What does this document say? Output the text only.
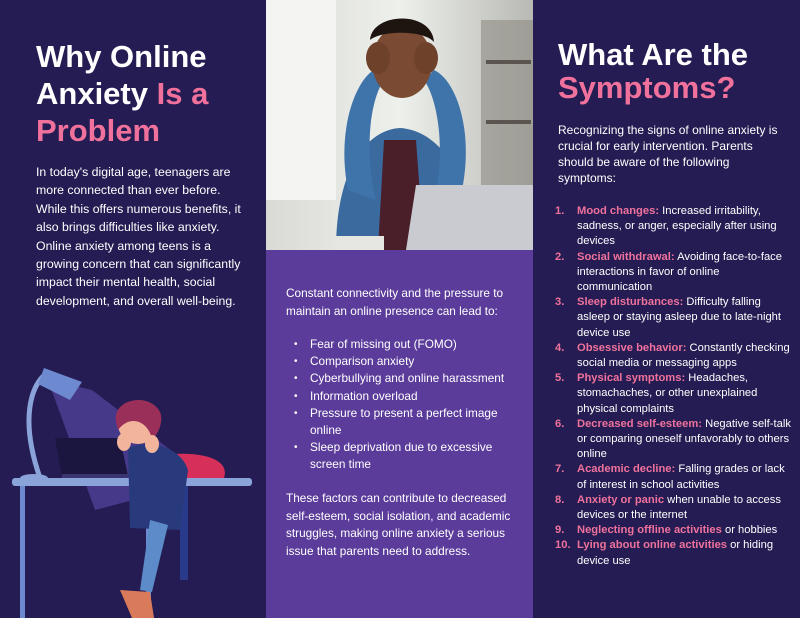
Why Online
Anxiety Is a
Problem

In today's digital age, teenagers are more connected than ever before. While this offers numerous benefits, it also brings difficulties like anxiety. Online anxiety among teens is a growing concern that can significantly impact their mental health, social development, and overall well-being.

Constant connectivity and the pressure to maintain an online presence can lead to:

• Fear of missing out (FOMO)
• Comparison anxiety
• Cyberbullying and online harassment
• Information overload
• Pressure to present a perfect image online
• Sleep deprivation due to excessive screen time

These factors can contribute to decreased self-esteem, social isolation, and academic struggles, making online anxiety a serious issue that parents need to address.

What Are the
Symptoms?

Recognizing the signs of online anxiety is crucial for early intervention. Parents should be aware of the following symptoms:

1.	Mood changes: Increased irritability, sadness, or anger, especially after using devices
2.	Social withdrawal: Avoiding face-to-face interactions in favor of online communication
3.	Sleep disturbances: Difficulty falling asleep or staying asleep due to late-night device use
4.	Obsessive behavior: Constantly checking social media or messaging apps
5.	Physical symptoms: Headaches, stomachaches, or other unexplained physical complaints
6.	Decreased self-esteem: Negative self-talk or comparing oneself unfavorably to others online
7.	Academic decline: Falling grades or lack of interest in school activities
8.	Anxiety or panic when unable to access devices or the internet
9.	Neglecting offline activities or hobbies
10. Lying about online activities or hiding device use
